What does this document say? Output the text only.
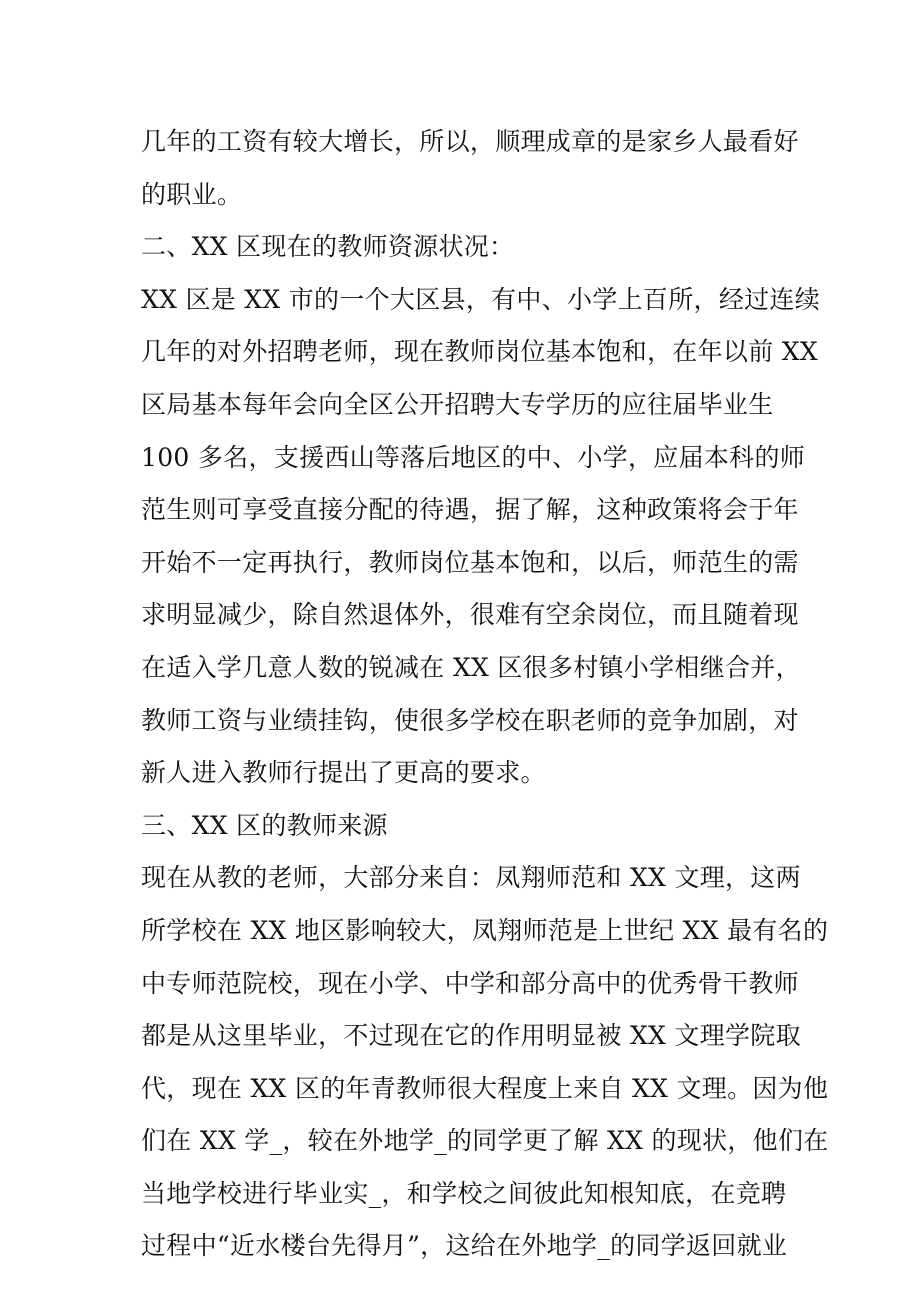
几年的工资有较大增长，所以，顺理成章的是家乡人最看好
的职业。
二、XX 区现在的教师资源状况：
XX 区是 XX 市的一个大区县，有中、小学上百所，经过连续
几年的对外招聘老师，现在教师岗位基本饱和，在年以前 XX
区局基本每年会向全区公开招聘大专学历的应往届毕业生
100 多名，支援西山等落后地区的中、小学，应届本科的师
范生则可享受直接分配的待遇，据了解，这种政策将会于年
开始不一定再执行，教师岗位基本饱和，以后，师范生的需
求明显减少，除自然退体外，很难有空余岗位，而且随着现
在适入学几意人数的锐减在 XX 区很多村镇小学相继合并，
教师工资与业绩挂钩，使很多学校在职老师的竞争加剧，对
新人进入教师行提出了更高的要求。
三、XX 区的教师来源
现在从教的老师，大部分来自：凤翔师范和 XX 文理，这两
所学校在 XX 地区影响较大，凤翔师范是上世纪 XX 最有名的
中专师范院校，现在小学、中学和部分高中的优秀骨干教师
都是从这里毕业，不过现在它的作用明显被 XX 文理学院取
代，现在 XX 区的年青教师很大程度上来自 XX 文理。因为他
们在 XX 学_，较在外地学_的同学更了解 XX 的现状，他们在
当地学校进行毕业实_，和学校之间彼此知根知底，在竞聘
过程中“近水楼台先得月”，这给在外地学_的同学返回就业
